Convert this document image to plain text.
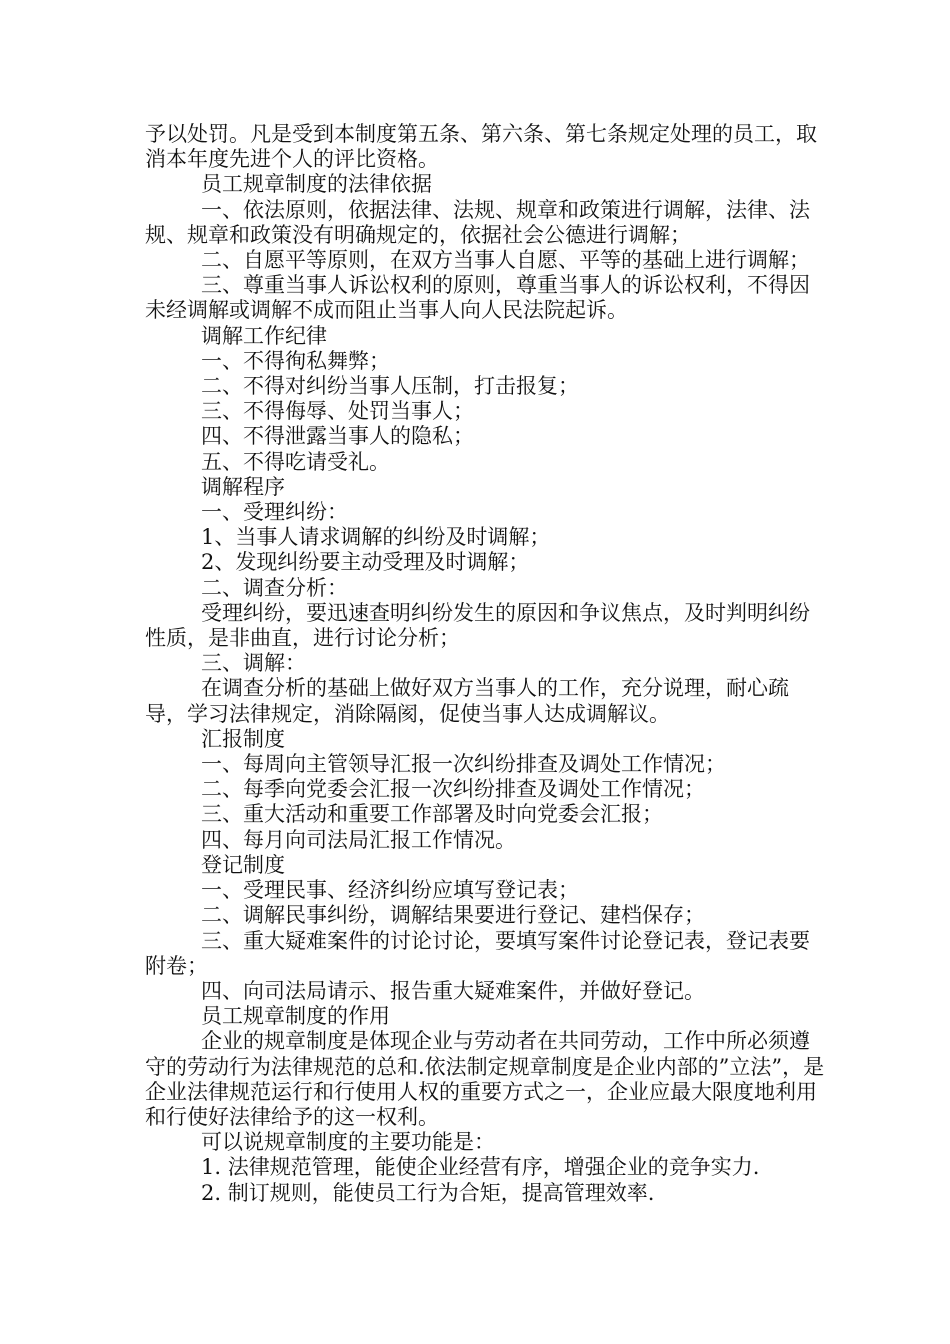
予以处罚。凡是受到本制度第五条、第六条、第七条规定处理的员工，取消本年度先进个人的评比资格。

员工规章制度的法律依据

一、依法原则，依据法律、法规、规章和政策进行调解，法律、法规、规章和政策没有明确规定的，依据社会公德进行调解；

二、自愿平等原则，在双方当事人自愿、平等的基础上进行调解；

三、尊重当事人诉讼权利的原则，尊重当事人的诉讼权利，不得因未经调解或调解不成而阻止当事人向人民法院起诉。

调解工作纪律

一、不得徇私舞弊；

二、不得对纠纷当事人压制，打击报复；

三、不得侮辱、处罚当事人；

四、不得泄露当事人的隐私；

五、不得吃请受礼。

调解程序

一、受理纠纷：

1、当事人请求调解的纠纷及时调解；

2、发现纠纷要主动受理及时调解；

二、调查分析：

受理纠纷，要迅速查明纠纷发生的原因和争议焦点，及时判明纠纷性质，是非曲直，进行讨论分析；

三、调解：

在调查分析的基础上做好双方当事人的工作，充分说理，耐心疏导，学习法律规定，消除隔阂，促使当事人达成调解议。

汇报制度

一、每周向主管领导汇报一次纠纷排查及调处工作情况；

二、每季向党委会汇报一次纠纷排查及调处工作情况；

三、重大活动和重要工作部署及时向党委会汇报；

四、每月向司法局汇报工作情况。

登记制度

一、受理民事、经济纠纷应填写登记表；

二、调解民事纠纷，调解结果要进行登记、建档保存；

三、重大疑难案件的讨论讨论，要填写案件讨论登记表，登记表要附卷；

四、向司法局请示、报告重大疑难案件，并做好登记。

员工规章制度的作用

企业的规章制度是体现企业与劳动者在共同劳动，工作中所必须遵守的劳动行为法律规范的总和.依法制定规章制度是企业内部的”立法”，是企业法律规范运行和行使用人权的重要方式之一，企业应最大限度地利用和行使好法律给予的这一权利。

可以说规章制度的主要功能是：

1. 法律规范管理，能使企业经营有序，增强企业的竞争实力.

2. 制订规则，能使员工行为合矩，提高管理效率.
